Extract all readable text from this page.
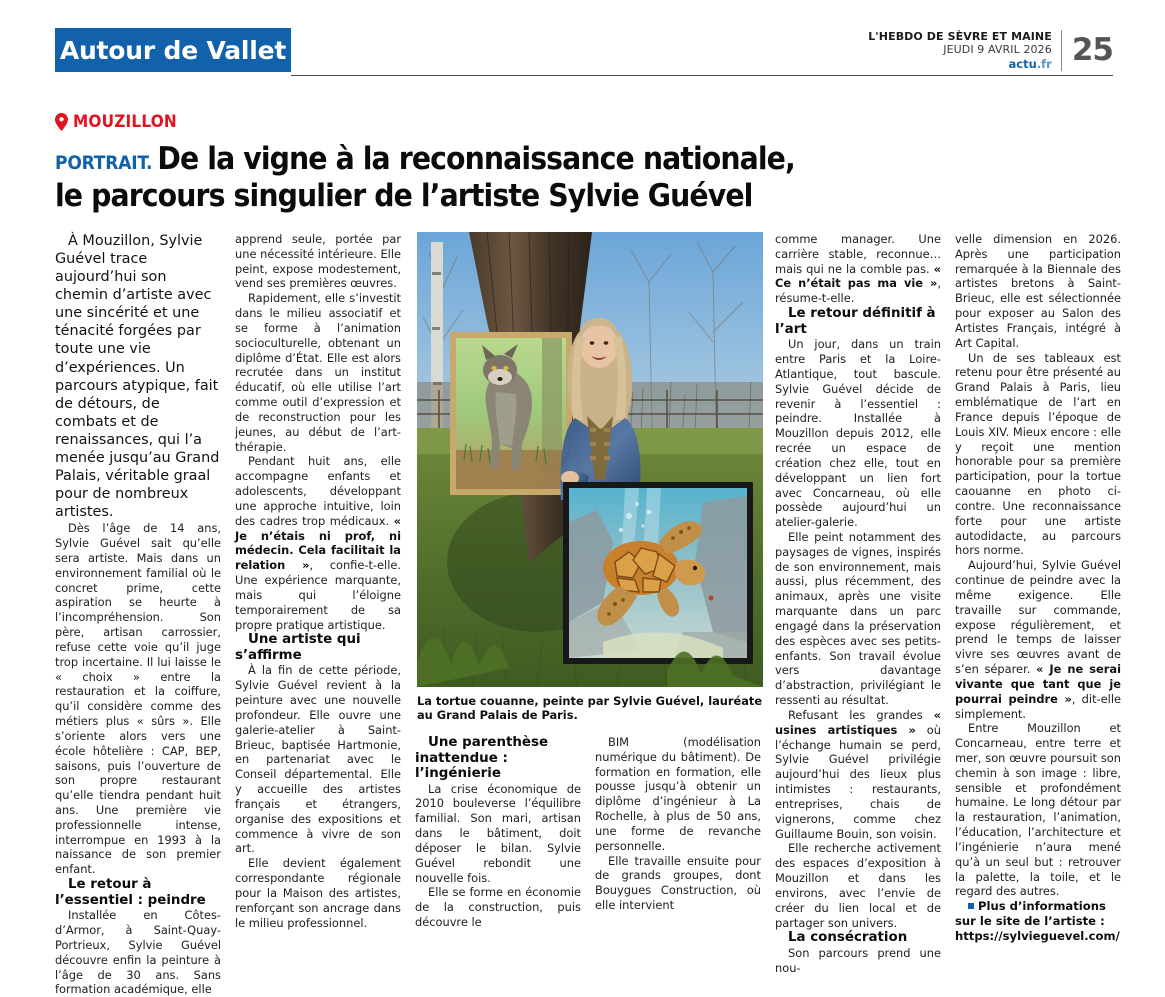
Autour de Vallet	L'HEBDO DE SÈVRE ET MAINE
JEUDI 9 AVRIL 2026
actu.fr 25
MOUZILLON
PORTRAIT. De la vigne à la reconnaissance nationale,
le parcours singulier de l’artiste Sylvie Guével

À Mouzillon, Sylvie Guével trace aujourd’hui son chemin d’artiste avec une sincérité et une ténacité forgées par toute une vie d’expériences. Un parcours atypique, fait de détours, de combats et de renaissances, qui l’a menée jusqu’au Grand Palais, véritable graal pour de nombreux artistes.

Dès l’âge de 14 ans, Sylvie Guével sait qu’elle sera artiste. Mais dans un environnement familial où le concret prime, cette aspiration se heurte à l’incompréhension. Son père, artisan carrossier, refuse cette voie qu’il juge trop incertaine. Il lui laisse le « choix » entre la restauration et la coiffure, qu’il considère comme des métiers plus « sûrs ». Elle s’oriente alors vers une école hôtelière : CAP, BEP, saisons, puis l’ouverture de son propre restaurant qu’elle tiendra pendant huit ans. Une première vie professionnelle intense, interrompue en 1993 à la naissance de son premier enfant.

Le retour à l’essentiel : peindre

Installée en Côtes-d’Armor, à Saint-Quay-Portrieux, Sylvie Guével découvre enfin la peinture à l’âge de 30 ans. Sans formation académique, elle

apprend seule, portée par une nécessité intérieure. Elle peint, expose modestement, vend ses premières œuvres.

Rapidement, elle s’investit dans le milieu associatif et se forme à l’animation socioculturelle, obtenant un diplôme d’État. Elle est alors recrutée dans un institut éducatif, où elle utilise l’art comme outil d’expression et de reconstruction pour les jeunes, au début de l’art-thérapie.

Pendant huit ans, elle accompagne enfants et adolescents, développant une approche intuitive, loin des cadres trop médicaux. « Je n’étais ni prof, ni médecin. Cela facilitait la relation », confie-t-elle. Une expérience marquante, mais qui l’éloigne temporairement de sa propre pratique artistique.

Une artiste qui s’affirme

À la fin de cette période, Sylvie Guével revient à la peinture avec une nouvelle profondeur. Elle ouvre une galerie-atelier à Saint-Brieuc, baptisée Hartmonie, en partenariat avec le Conseil départemental. Elle y accueille des artistes français et étrangers, organise des expositions et commence à vivre de son art.

Elle devient également correspondante régionale pour la Maison des artistes, renforçant son ancrage dans le milieu professionnel.

La tortue couanne, peinte par Sylvie Guével, lauréate au Grand Palais de Paris.

Une parenthèse inattendue : l’ingénierie

La crise économique de 2010 bouleverse l’équilibre familial. Son mari, artisan dans le bâtiment, doit déposer le bilan. Sylvie Guével rebondit une nouvelle fois.

Elle se forme en économie de la construction, puis découvre le

BIM (modélisation numérique du bâtiment). De formation en formation, elle pousse jusqu’à obtenir un diplôme d’ingénieur à La Rochelle, à plus de 50 ans, une forme de revanche personnelle.

Elle travaille ensuite pour de grands groupes, dont Bouygues Construction, où elle intervient

comme manager. Une carrière stable, reconnue… mais qui ne la comble pas. « Ce n’était pas ma vie », résume-t-elle.

Le retour définitif à l’art

Un jour, dans un train entre Paris et la Loire-Atlantique, tout bascule. Sylvie Guével décide de revenir à l’essentiel : peindre. Installée à Mouzillon depuis 2012, elle recrée un espace de création chez elle, tout en développant un lien fort avec Concarneau, où elle possède aujourd’hui un atelier-galerie.

Elle peint notamment des paysages de vignes, inspirés de son environnement, mais aussi, plus récemment, des animaux, après une visite marquante dans un parc engagé dans la préservation des espèces avec ses petits-enfants. Son travail évolue vers davantage d’abstraction, privilégiant le ressenti au résultat.

Refusant les grandes « usines artistiques » où l’échange humain se perd, Sylvie Guével privilégie aujourd’hui des lieux plus intimistes : restaurants, entreprises, chais de vignerons, comme chez Guillaume Bouin, son voisin.

Elle recherche activement des espaces d’exposition à Mouzillon et dans les environs, avec l’envie de créer du lien local et de partager son univers.

La consécration

Son parcours prend une nou-

velle dimension en 2026. Après une participation remarquée à la Biennale des artistes bretons à Saint-Brieuc, elle est sélectionnée pour exposer au Salon des Artistes Français, intégré à Art Capital.

Un de ses tableaux est retenu pour être présenté au Grand Palais à Paris, lieu emblématique de l’art en France depuis l’époque de Louis XIV. Mieux encore : elle y reçoit une mention honorable pour sa première participation, pour la tortue caouanne en photo ci-contre. Une reconnaissance forte pour une artiste autodidacte, au parcours hors norme.

Aujourd’hui, Sylvie Guével continue de peindre avec la même exigence. Elle travaille sur commande, expose régulièrement, et prend le temps de laisser vivre ses œuvres avant de s’en séparer. « Je ne serai vivante que tant que je pourrai peindre », dit-elle simplement.

Entre Mouzillon et Concarneau, entre terre et mer, son œuvre poursuit son chemin à son image : libre, sensible et profondément humaine. Le long détour par la restauration, l’animation, l’éducation, l’architecture et l’ingénierie n’aura mené qu’à un seul but : retrouver la palette, la toile, et le regard des autres.

Plus d’informations sur le site de l’artiste : https://sylvieguevel.com/
